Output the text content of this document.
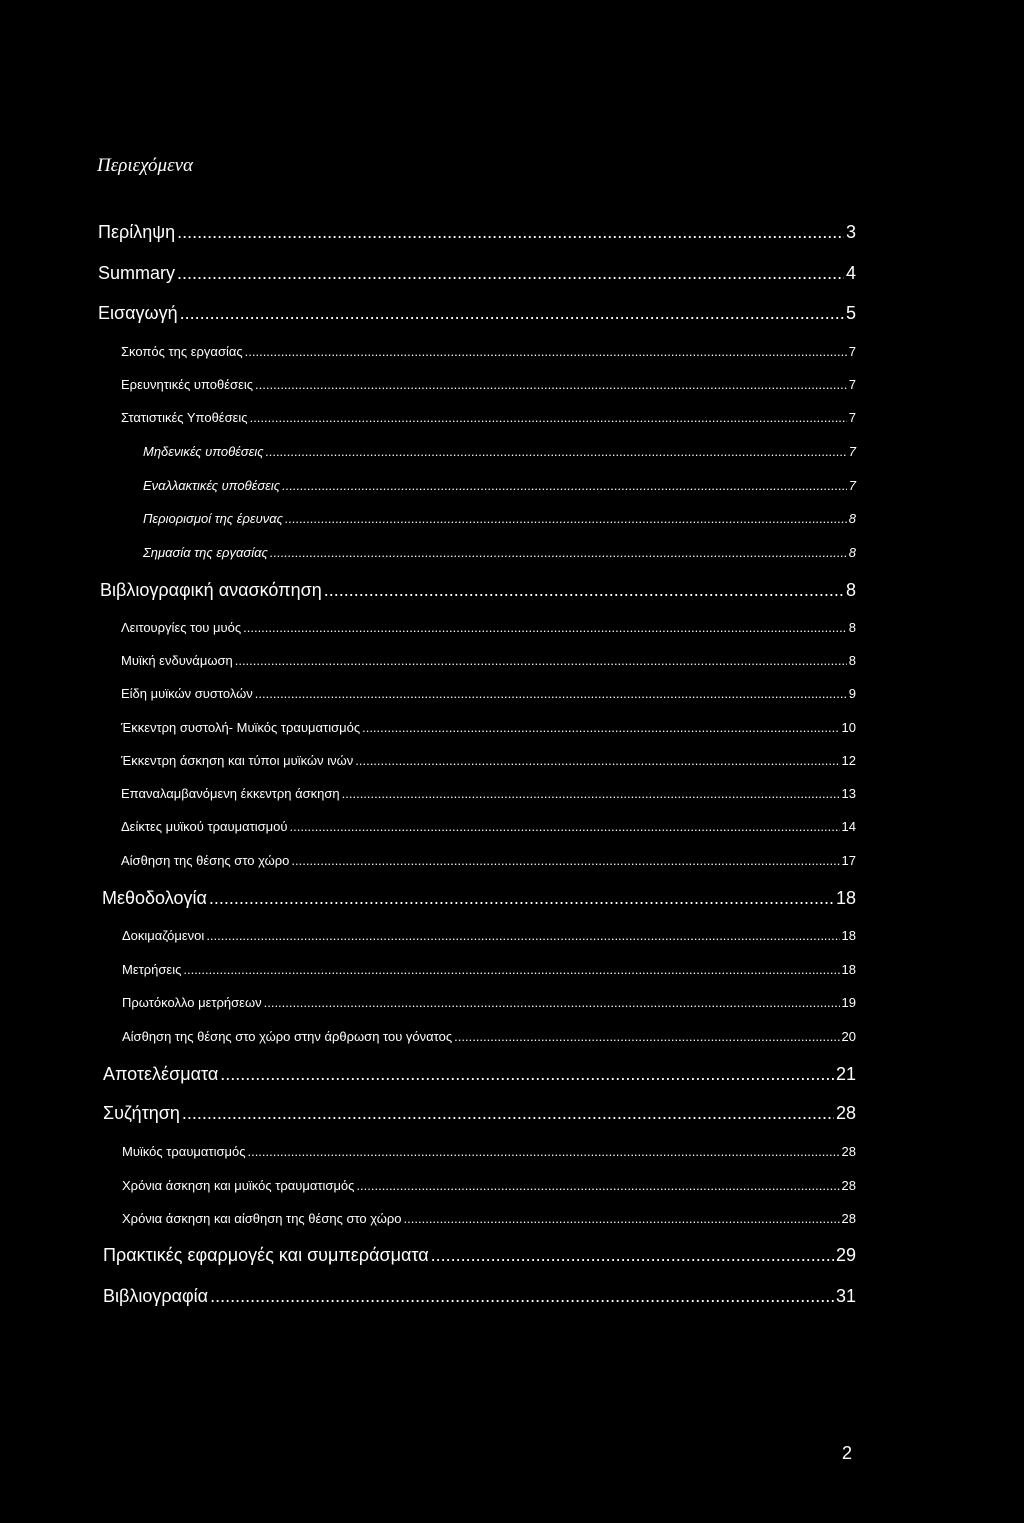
Περιεχόμενα
Περίληψη .....	3
Summary .....	4
Εισαγωγή .....	5
Σκοπός της εργασίας .....	7
Ερευνητικές υποθέσεις .....	7
Στατιστικές Υποθέσεις .....	7
Μηδενικές υποθέσεις .....	7
Εναλλακτικές υποθέσεις .....	7
Περιορισμοί της έρευνας .....	8
Σημασία της εργασίας .....	8
Βιβλιογραφική ανασκόπηση .....	8
Λειτουργίες του μυός .....	8
Μυϊκή ενδυνάμωση .....	8
Είδη μυϊκών συστολών .....	9
Έκκεντρη συστολή- Μυϊκός τραυματισμός .....	10
Έκκεντρη άσκηση και τύποι μυϊκών ινών .....	12
Επαναλαμβανόμενη έκκεντρη άσκηση .....	13
Δείκτες μυϊκού τραυματισμού .....	14
Αίσθηση της θέσης στο χώρο .....	17
Μεθοδολογία .....	18
Δοκιμαζόμενοι .....	18
Μετρήσεις .....	18
Πρωτόκολλο μετρήσεων .....	19
Αίσθηση της θέσης στο χώρο στην άρθρωση του γόνατος .....	20
Αποτελέσματα .....	21
Συζήτηση .....	28
Μυϊκός τραυματισμός .....	28
Χρόνια άσκηση και μυϊκός τραυματισμός .....	28
Χρόνια άσκηση και αίσθηση της θέσης στο χώρο .....	28
Πρακτικές εφαρμογές και συμπεράσματα .....	29
Βιβλιογραφία .....	31
2
